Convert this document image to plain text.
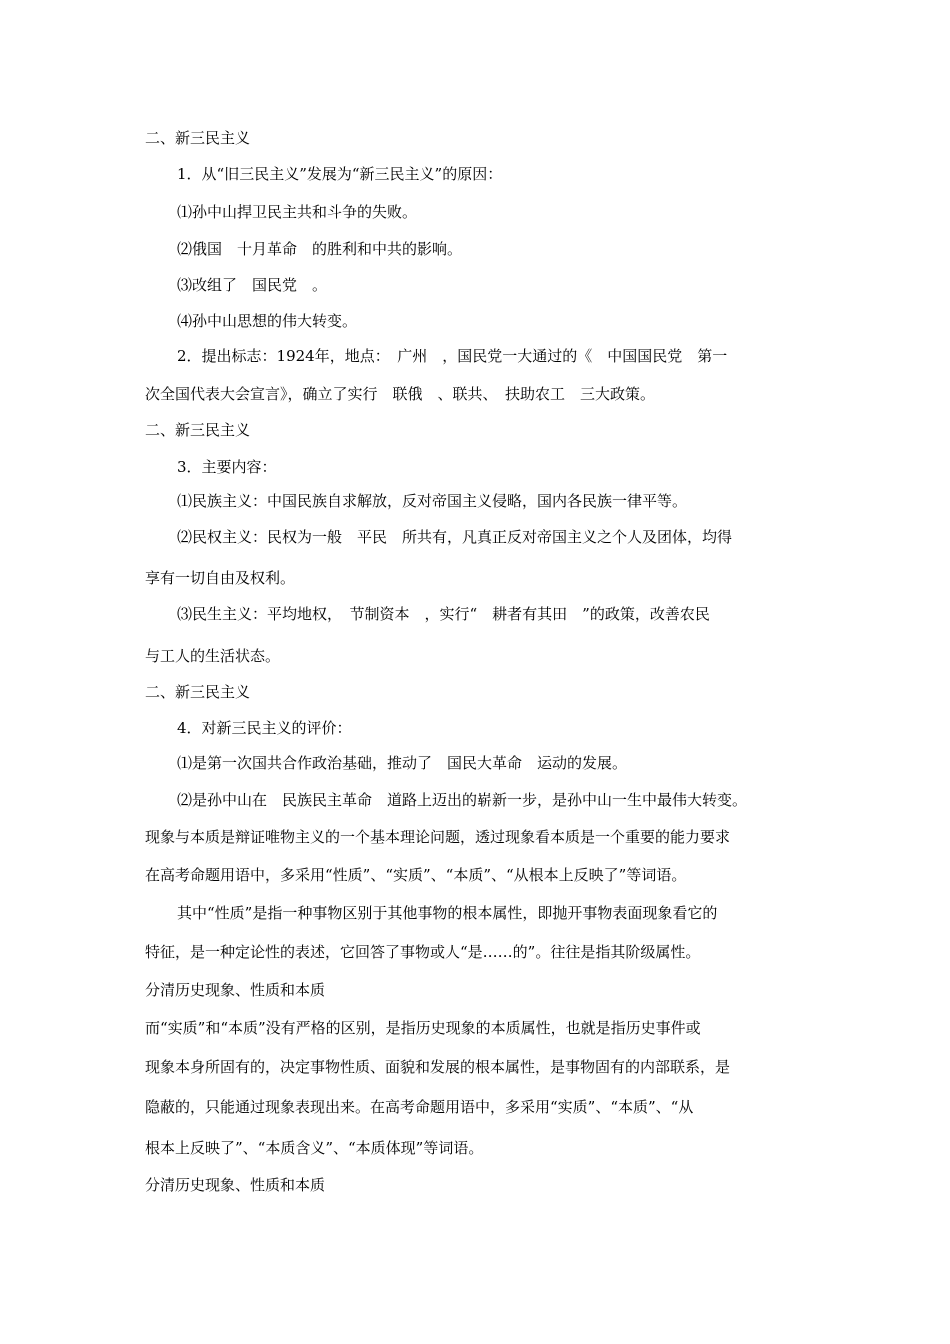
二、新三民主义
1．从“旧三民主义”发展为“新三民主义”的原因：
⑴孙中山捍卫民主共和斗争的失败。
⑵俄国　十月革命　的胜利和中共的影响。
⑶改组了　国民党　。
⑷孙中山思想的伟大转变。
2．提出标志：1924年，地点：　广州　，国民党一大通过的《　中国国民党　第一
次全国代表大会宣言》，确立了实行　联俄　、联共、　扶助农工　三大政策。
二、新三民主义
3．主要内容：
⑴民族主义：中国民族自求解放，反对帝国主义侵略，国内各民族一律平等。
⑵民权主义：民权为一般　平民　所共有，凡真正反对帝国主义之个人及团体，均得
享有一切自由及权利。
⑶民生主义：平均地权，　节制资本　，实行“　耕者有其田　”的政策，改善农民
与工人的生活状态。
二、新三民主义
4．对新三民主义的评价：
⑴是第一次国共合作政治基础，推动了　国民大革命　运动的发展。
⑵是孙中山在　民族民主革命　道路上迈出的崭新一步，是孙中山一生中最伟大转变。
现象与本质是辩证唯物主义的一个基本理论问题，透过现象看本质是一个重要的能力要求
在高考命题用语中，多采用“性质”、“实质”、“本质”、“从根本上反映了”等词语。
其中“性质”是指一种事物区别于其他事物的根本属性，即抛开事物表面现象看它的
特征，是一种定论性的表述，它回答了事物或人“是……的”。往往是指其阶级属性。
分清历史现象、性质和本质
而“实质”和“本质”没有严格的区别，是指历史现象的本质属性，也就是指历史事件或
现象本身所固有的，决定事物性质、面貌和发展的根本属性，是事物固有的内部联系，是
隐蔽的，只能通过现象表现出来。在高考命题用语中，多采用“实质”、“本质”、“从
根本上反映了”、“本质含义”、“本质体现”等词语。
分清历史现象、性质和本质
